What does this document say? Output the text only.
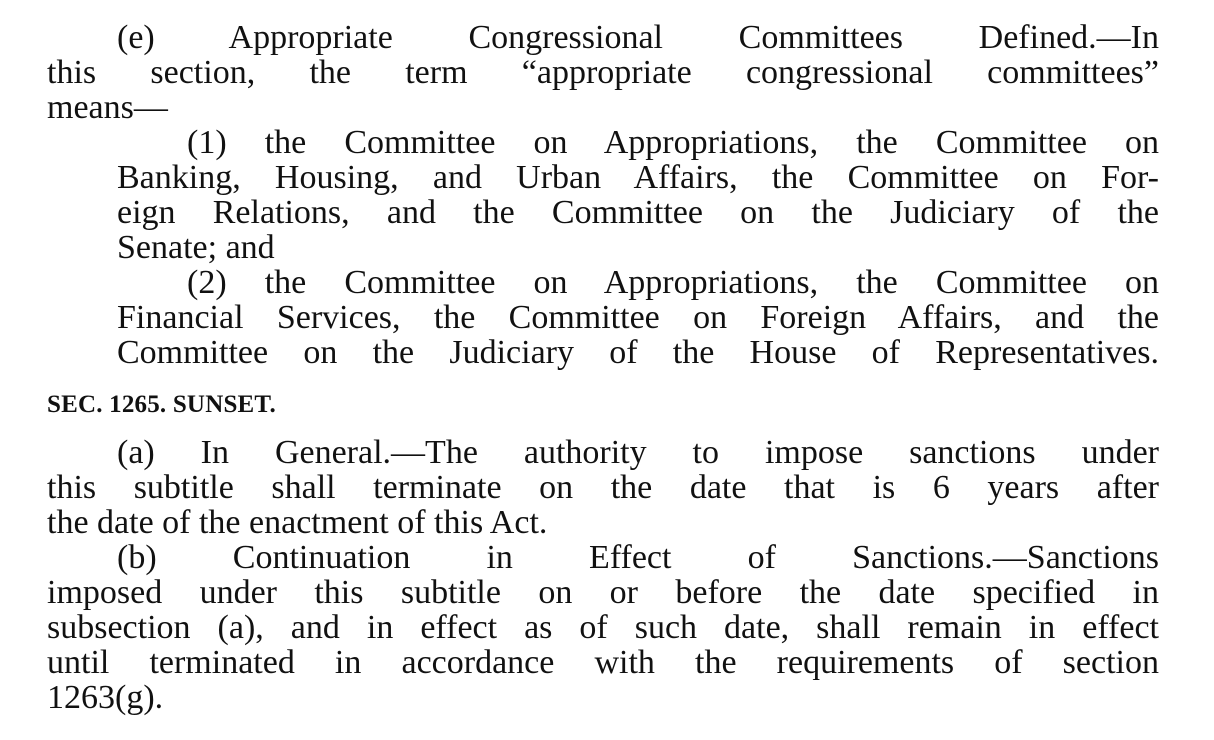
(e) Appropriate Congressional Committees Defined.—In
this section, the term “appropriate congressional committees”
means—
(1) the Committee on Appropriations, the Committee on
Banking, Housing, and Urban Affairs, the Committee on For-
eign Relations, and the Committee on the Judiciary of the
Senate; and
(2) the Committee on Appropriations, the Committee on
Financial Services, the Committee on Foreign Affairs, and the
Committee on the Judiciary of the House of Representatives.
SEC. 1265. SUNSET.
(a) In General.—The authority to impose sanctions under
this subtitle shall terminate on the date that is 6 years after
the date of the enactment of this Act.
(b) Continuation in Effect of Sanctions.—Sanctions
imposed under this subtitle on or before the date specified in
subsection (a), and in effect as of such date, shall remain in effect
until terminated in accordance with the requirements of section
1263(g).
